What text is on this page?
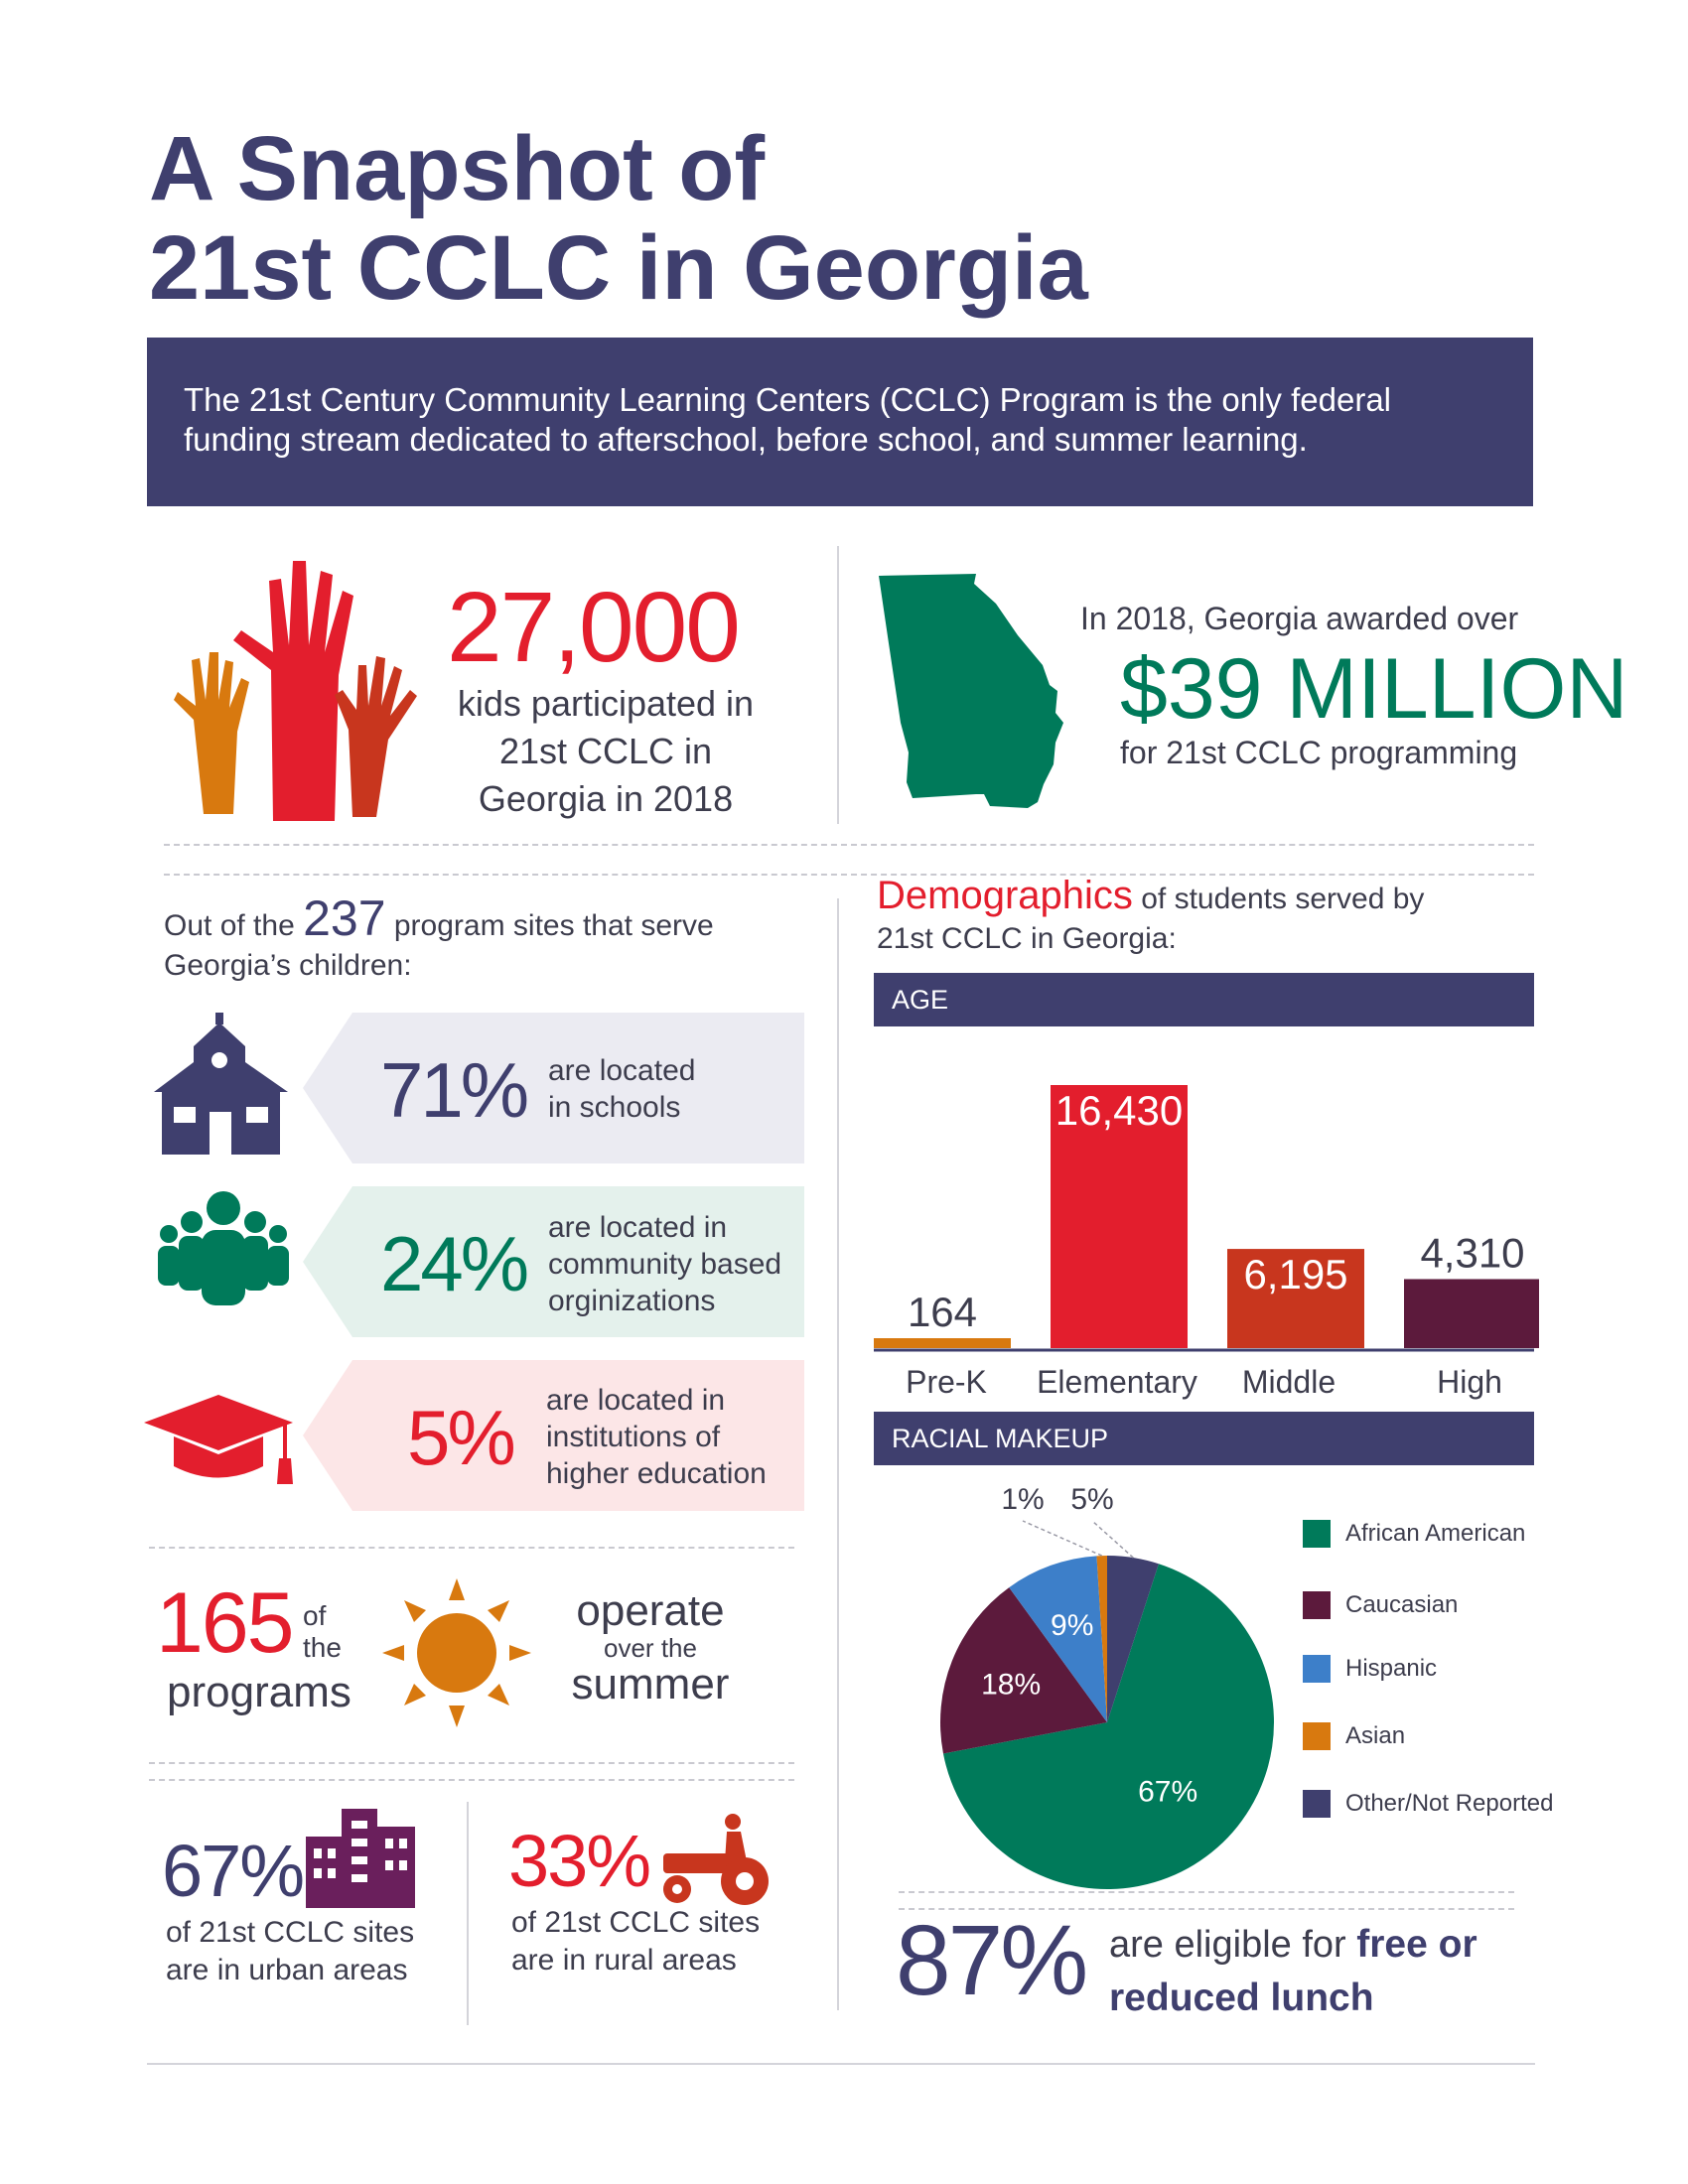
A Snapshot of
21st CCLC in Georgia
The 21st Century Community Learning Centers (CCLC) Program is the only federal funding stream dedicated to afterschool, before school, and summer learning.
27,000
kids participated in
21st CCLC in
Georgia in 2018
In 2018, Georgia awarded over
$39 MILLION
for 21st CCLC programming
Out of the 237 program sites that serve
Georgia’s children:
71% are located
in schools
24% are located in
community based
orginizations
5% are located in
institutions of
higher education
165 of
the
programs
operate
over the
summer
67%
of 21st CCLC sites
are in urban areas
33%
of 21st CCLC sites
are in rural areas
Demographics of students served by
21st CCLC in Georgia:
AGE
164
Pre-K
16,430
Elementary
6,195
Middle
4,310
High
RACIAL MAKEUP
67%
18%
9%
1% 5%
African American
Caucasian
Hispanic
Asian
Other/Not Reported
87% are eligible for free or
reduced lunch
